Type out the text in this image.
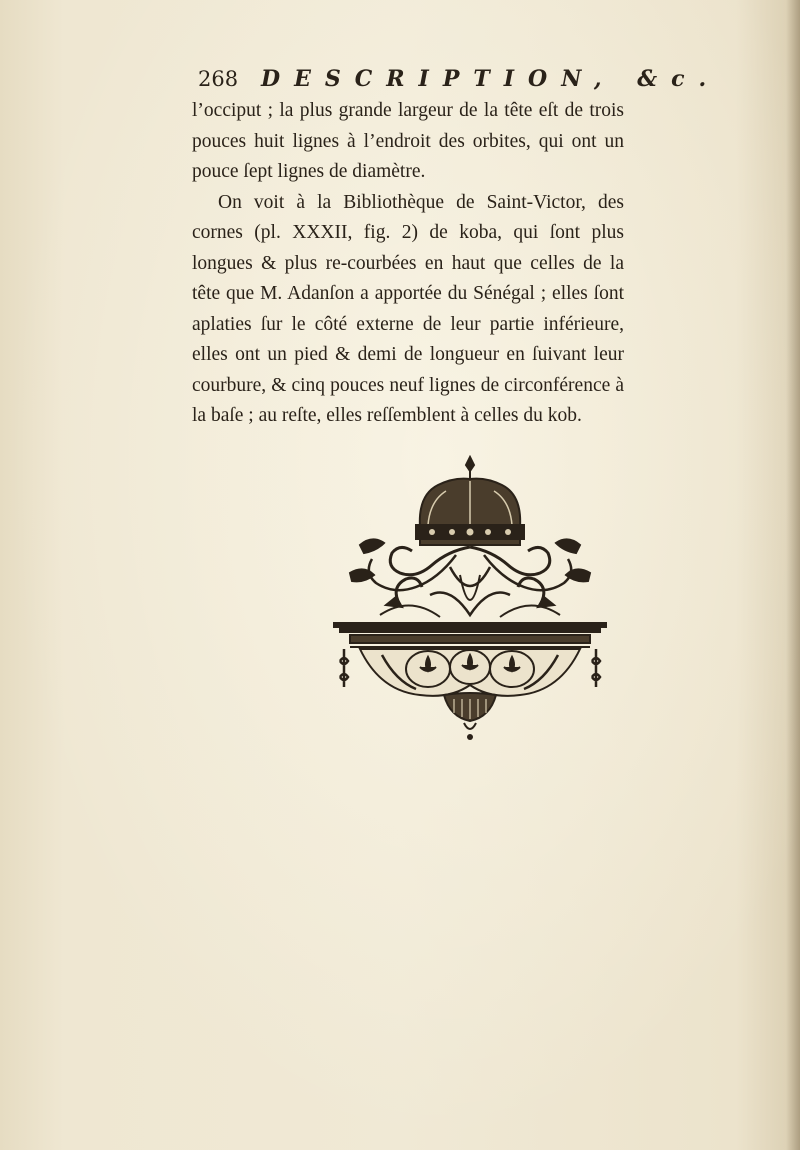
268 DESCRIPTION, &c.

l’occiput ; la plus grande largeur de la tête eſt de trois pouces huit lignes à l’endroit des orbites, qui ont un pouce ſept lignes de diamètre.

On voit à la Bibliothèque de Saint-Victor, des cornes (pl. XXXII, fig. 2) de koba, qui ſont plus longues & plus re-courbées en haut que celles de la tête que M. Adanſon a apportée du Sénégal ; elles ſont aplaties ſur le côté externe de leur partie inférieure, elles ont un pied & demi de longueur en ſuivant leur courbure, & cinq pouces neuf lignes de circonférence à la baſe ; au reſte, elles reſſemblent à celles du kob.
